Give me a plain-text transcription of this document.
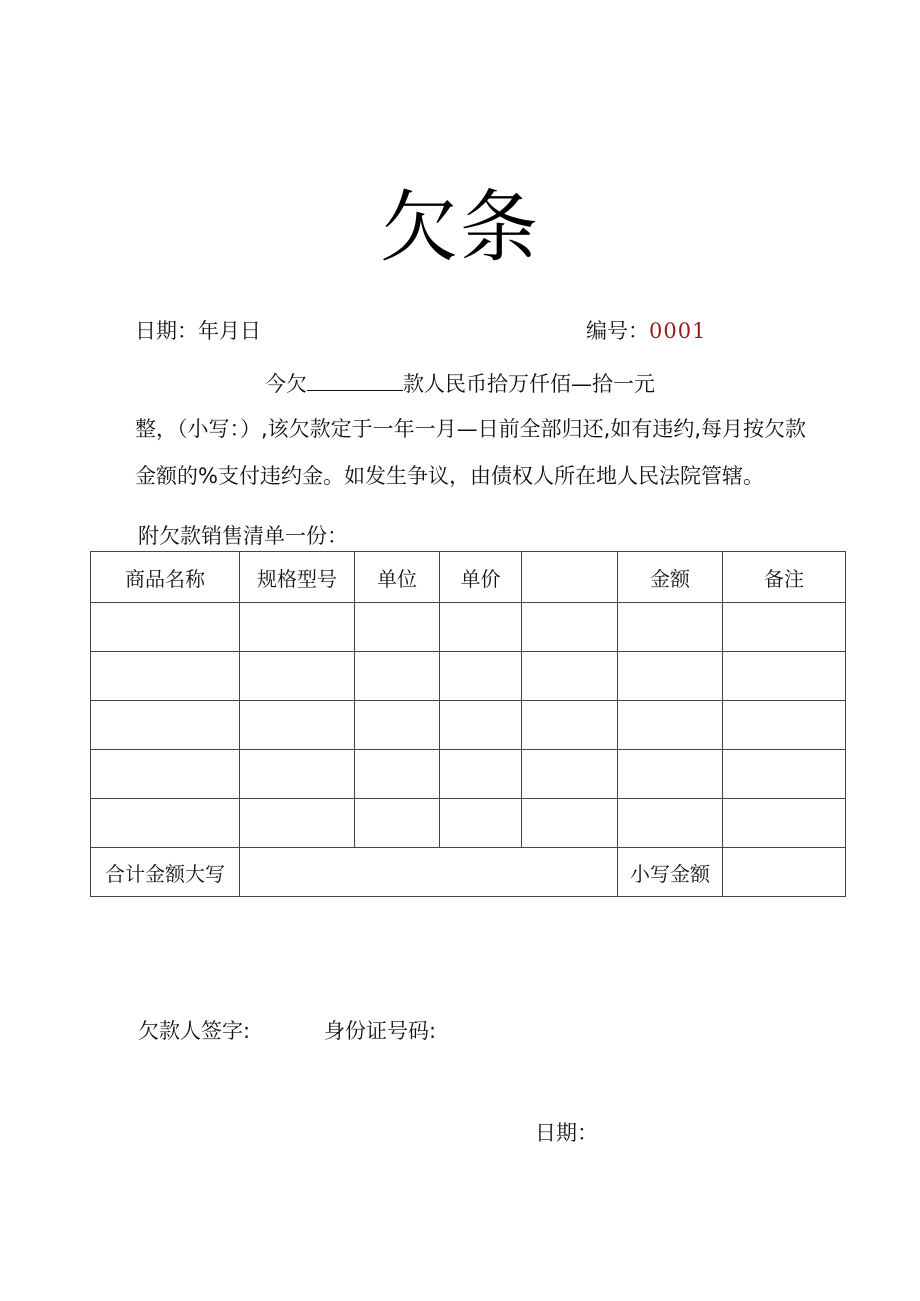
欠条
日期：年月日	编号：0001
今欠	款人民币拾万仟佰—拾一元
整，（小写：）,该欠款定于一年一月—日前全部归还,如有违约,每月按欠款
金额的%支付违约金。如发生争议，由债权人所在地人民法院管辖。
附欠款销售清单一份：
商品名称	规格型号	单位	单价		金额	备注

合计金额大写					小写金额	
欠款人签字:	身份证号码:
日期：
